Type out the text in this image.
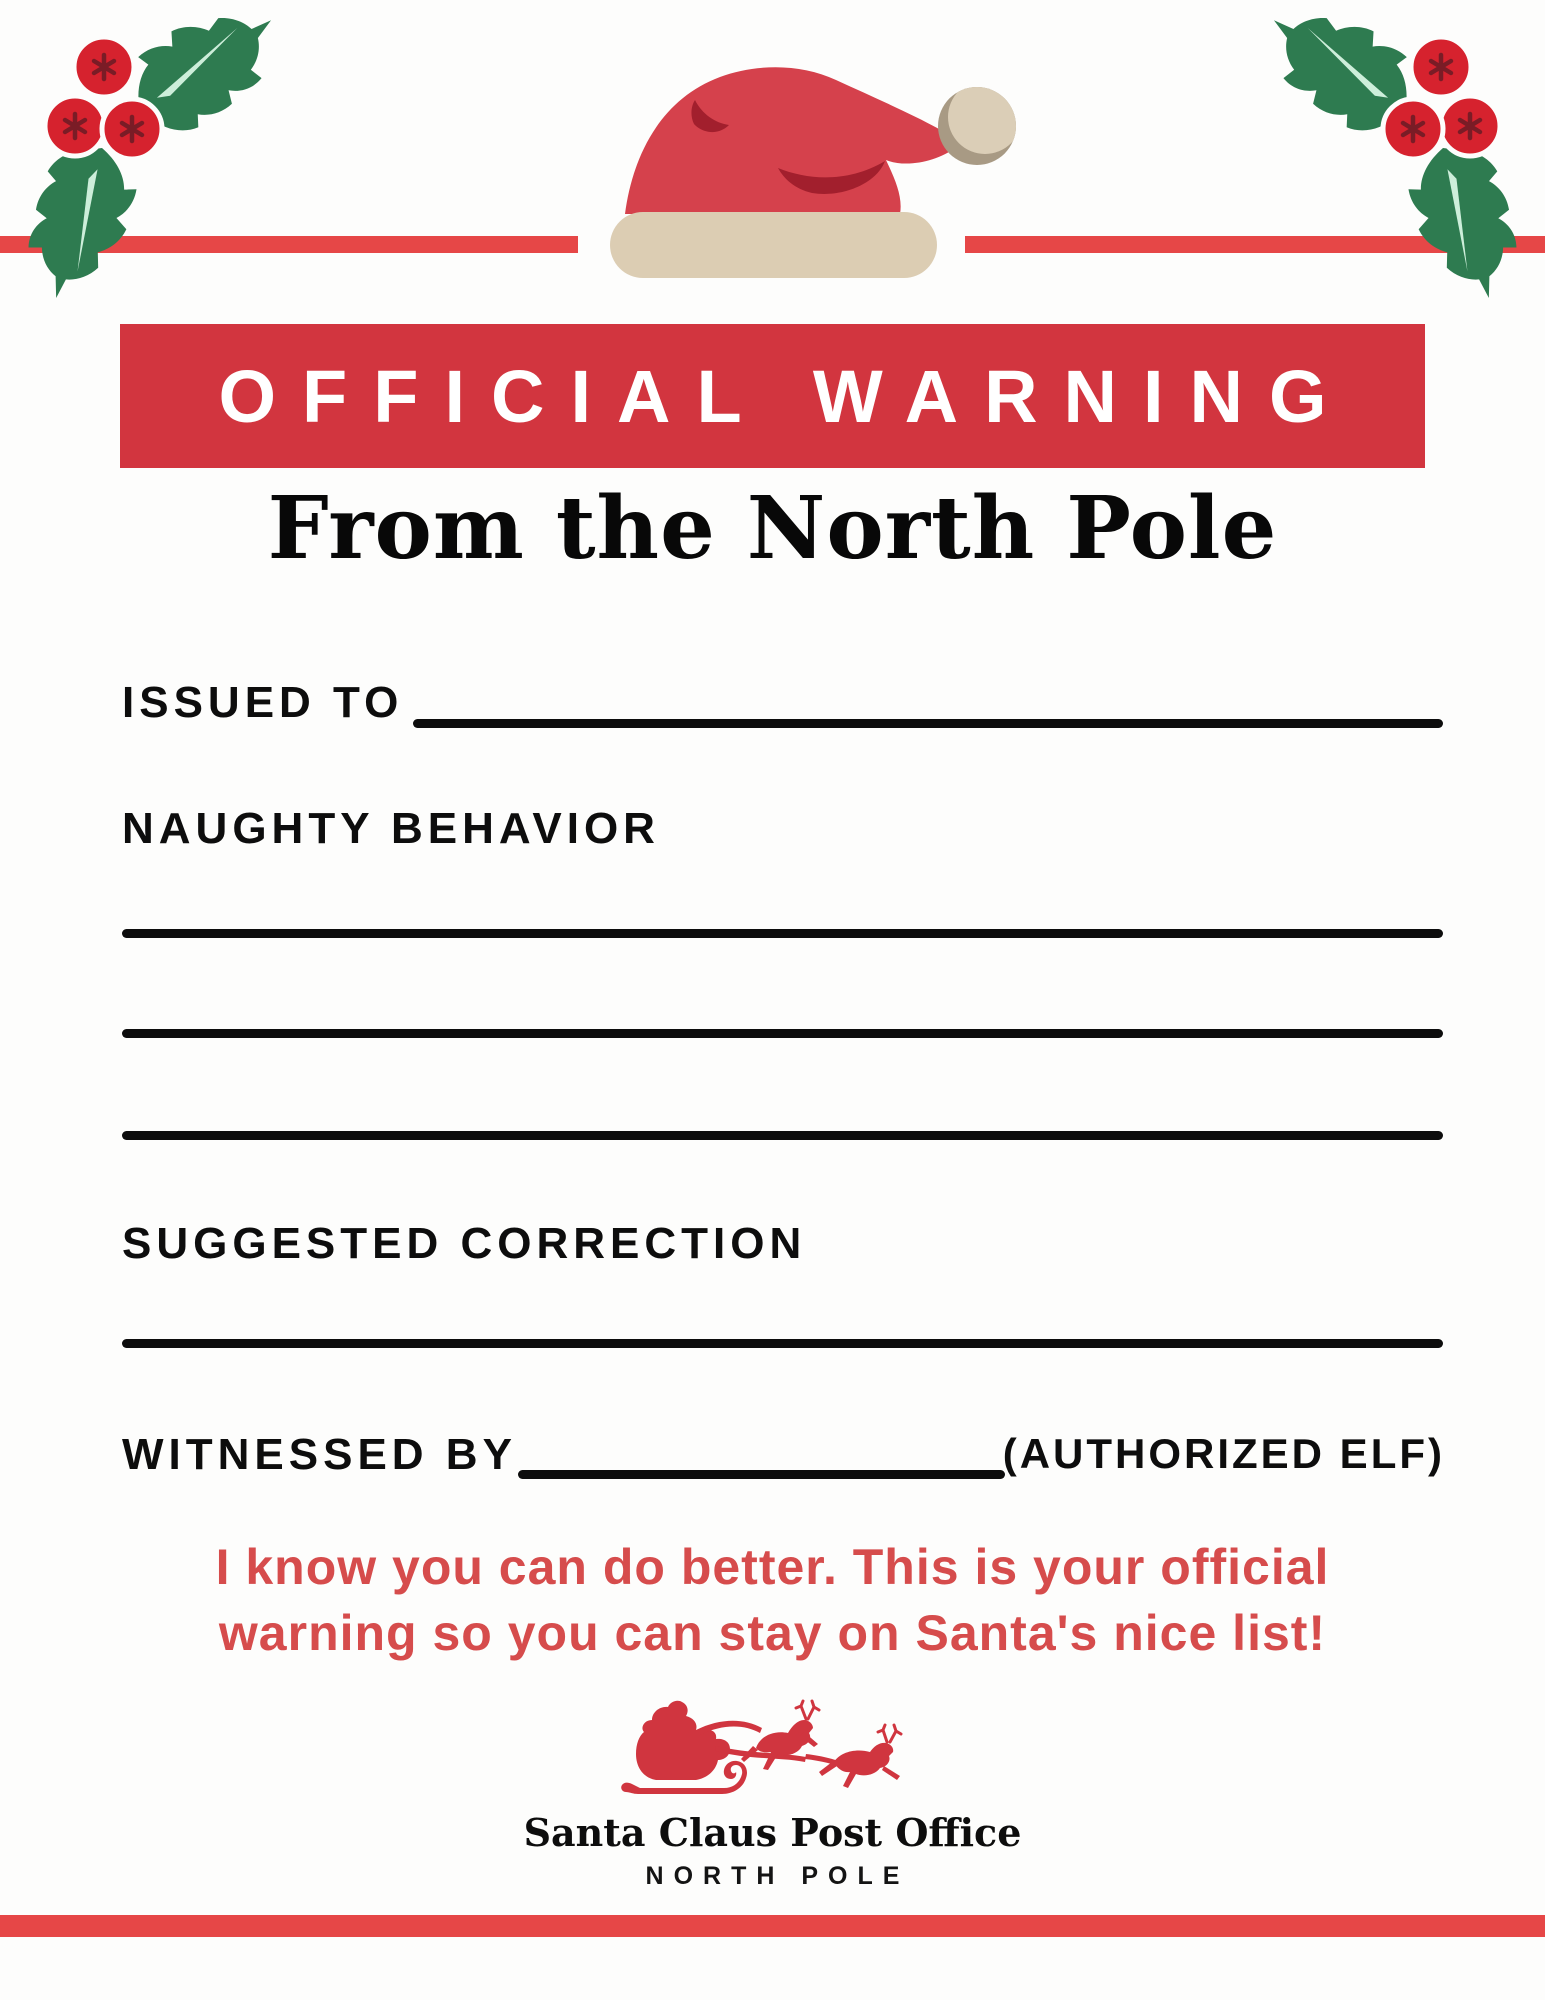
OFFICIAL WARNING
From the North Pole
ISSUED TO
NAUGHTY BEHAVIOR
SUGGESTED CORRECTION
WITNESSED BY	(AUTHORIZED ELF)
I know you can do better. This is your official
warning so you can stay on Santa's nice list!
Santa Claus Post Office
NORTH POLE
